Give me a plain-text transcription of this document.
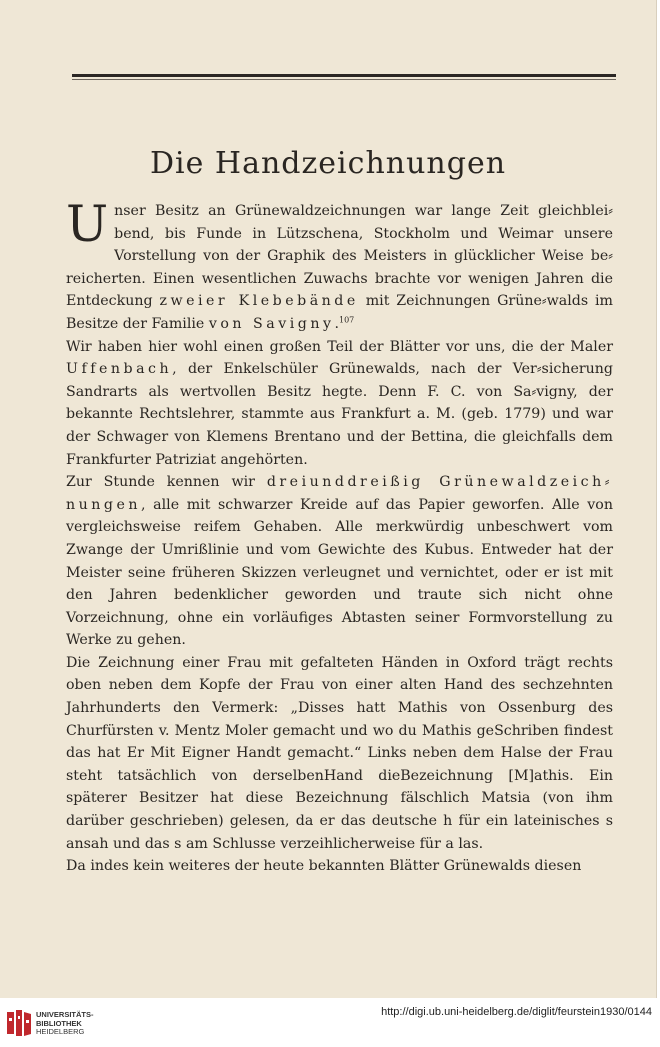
Die Handzeichnungen

Unser Besitz an Grünewaldzeichnungen war lange Zeit gleichblei⸗bend, bis Funde in Lützschena, Stockholm und Weimar unsere Vorstellung von der Graphik des Meisters in glücklicher Weise be⸗reicherten. Einen wesentlichen Zuwachs brachte vor wenigen Jahren die Entdeckung zweier Klebebände mit Zeichnungen Grüne⸗walds im Besitze der Familie von Savigny.$^{107}$

Wir haben hier wohl einen großen Teil der Blätter vor uns, die der Maler Uffenbach, der Enkelschüler Grünewalds, nach der Ver⸗sicherung Sandrarts als wertvollen Besitz hegte. Denn F. C. von Sa⸗vigny, der bekannte Rechtslehrer, stammte aus Frankfurt a. M. (geb. 1779) und war der Schwager von Klemens Brentano und der Bettina, die gleichfalls dem Frankfurter Patriziat angehörten.

Zur Stunde kennen wir dreiunddreißig Grünewaldzeich⸗nungen, alle mit schwarzer Kreide auf das Papier geworfen. Alle von vergleichsweise reifem Gehaben. Alle merkwürdig unbeschwert vom Zwange der Umrißlinie und vom Gewichte des Kubus. Entweder hat der Meister seine früheren Skizzen verleugnet und vernichtet, oder er ist mit den Jahren bedenklicher geworden und traute sich nicht ohne Vorzeichnung, ohne ein vorläufiges Abtasten seiner Formvorstellung zu Werke zu gehen.

Die Zeichnung einer Frau mit gefalteten Händen in Oxford trägt rechts oben neben dem Kopfe der Frau von einer alten Hand des sechzehnten Jahrhunderts den Vermerk: „Disses hatt Mathis von Ossenburg des Churfürsten v. Mentz Moler gemacht und wo du Mathis geSchriben findest das hat Er Mit Eigner Handt gemacht.“ Links neben dem Halse der Frau steht tatsächlich von derselbenHand dieBezeichnung [M]athis. Ein späterer Besitzer hat diese Bezeichnung fälschlich Matsia (von ihm darüber geschrieben) gelesen, da er das deutsche h für ein lateinisches s ansah und das s am Schlusse verzeihlicherweise für a las.

Da indes kein weiteres der heute bekannten Blätter Grünewalds diesen

UNIVERSITÄTS-
BIBLIOTHEK
HEIDELBERG
http://digi.ub.uni-heidelberg.de/diglit/feurstein1930/0144
